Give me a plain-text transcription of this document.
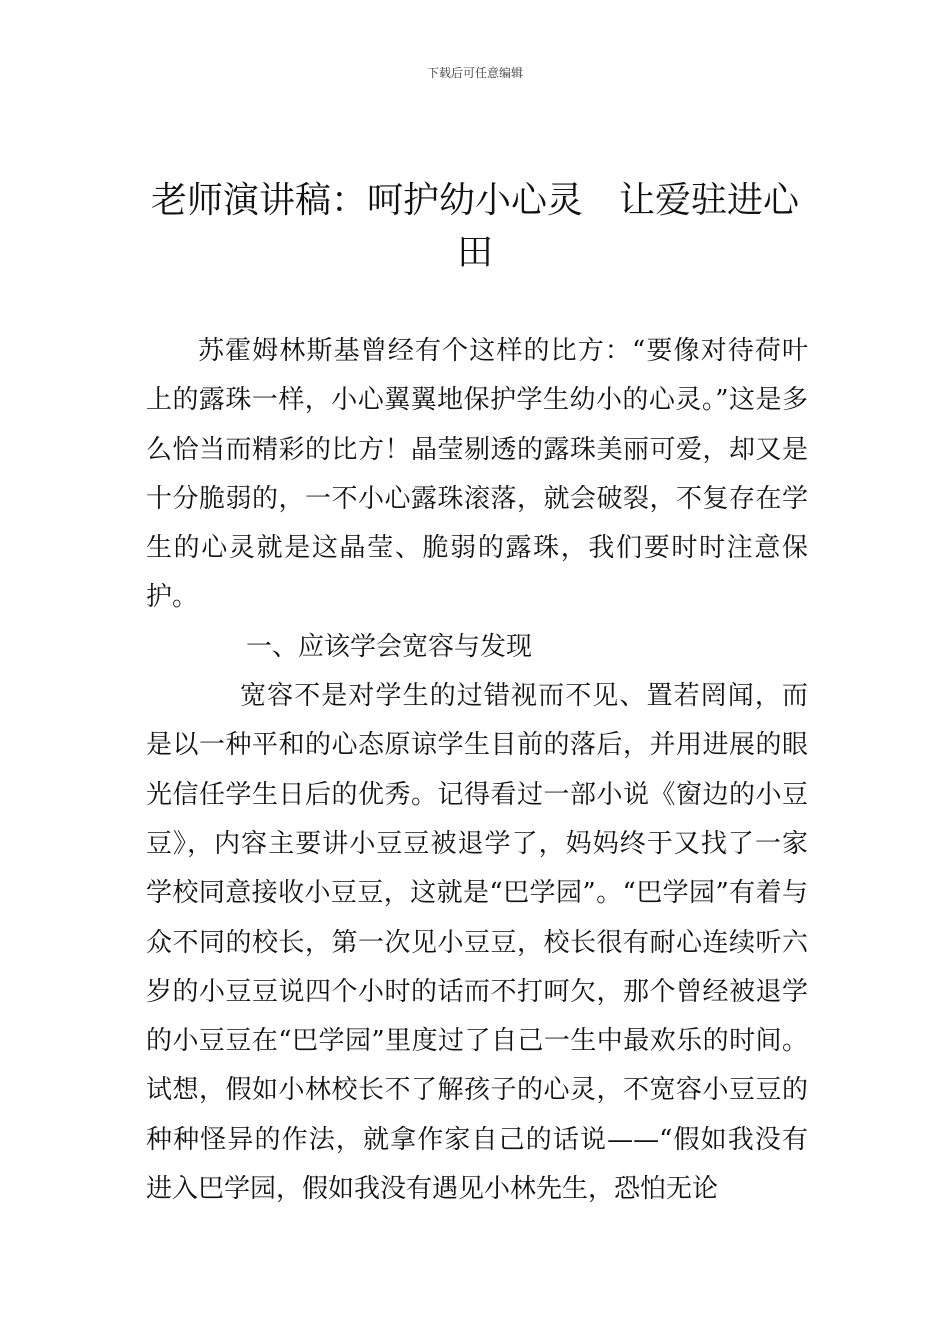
下载后可任意编辑
老师演讲稿：呵护幼小心灵　让爱驻进心田

苏霍姆林斯基曾经有个这样的比方：“要像对待荷叶上的露珠一样，小心翼翼地保护学生幼小的心灵。”这是多么恰当而精彩的比方！晶莹剔透的露珠美丽可爱，却又是十分脆弱的，一不小心露珠滚落，就会破裂，不复存在学生的心灵就是这晶莹、脆弱的露珠，我们要时时注意保护。

一、应该学会宽容与发现

宽容不是对学生的过错视而不见、置若罔闻，而是以一种平和的心态原谅学生目前的落后，并用进展的眼光信任学生日后的优秀。记得看过一部小说《窗边的小豆豆》，内容主要讲小豆豆被退学了，妈妈终于又找了一家学校同意接收小豆豆，这就是“巴学园”。“巴学园”有着与众不同的校长，第一次见小豆豆，校长很有耐心连续听六岁的小豆豆说四个小时的话而不打呵欠，那个曾经被退学的小豆豆在“巴学园”里度过了自己一生中最欢乐的时间。试想，假如小林校长不了解孩子的心灵，不宽容小豆豆的种种怪异的作法，就拿作家自己的话说——“假如我没有进入巴学园，假如我没有遇见小林先生，恐怕无论
